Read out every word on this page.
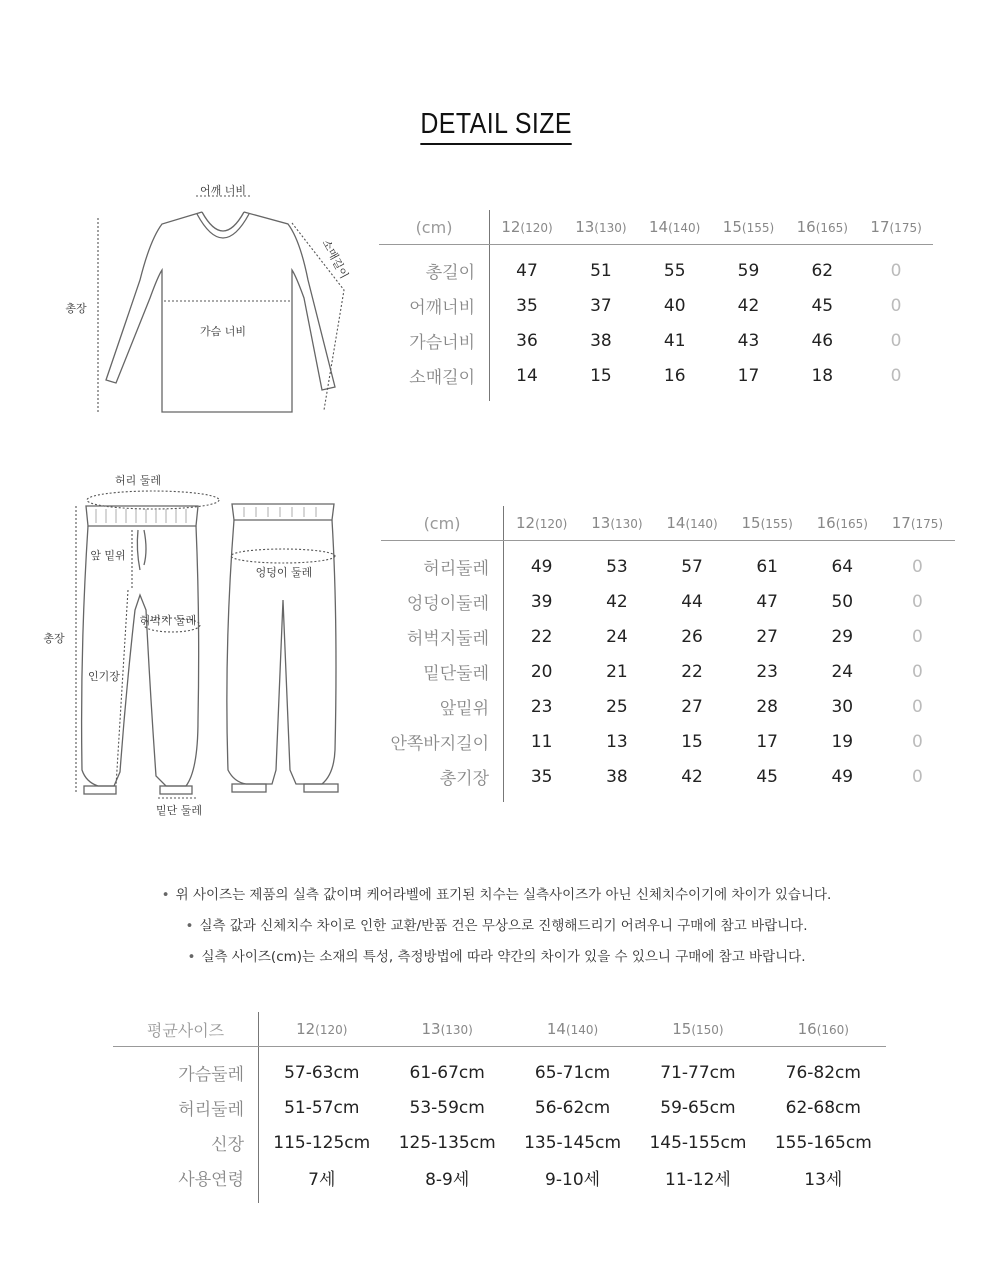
DETAIL SIZE
어깨 너비
총장
가슴 너비
소매길이
(cm)	12(120)	13(130)	14(140)	15(155)	16(165)	17(175)
총길이	47	51	55	59	62	0
어깨너비	35	37	40	42	45	0
가슴너비	36	38	41	43	46	0
소매길이	14	15	16	17	18	0
허리 둘레
앞 밑위
총장
허벅지 둘레
인기장
밑단 둘레
엉덩이 둘레
(cm)	12(120)	13(130)	14(140)	15(155)	16(165)	17(175)
허리둘레	49	53	57	61	64	0
엉덩이둘레	39	42	44	47	50	0
허벅지둘레	22	24	26	27	29	0
밑단둘레	20	21	22	23	24	0
앞밑위	23	25	27	28	30	0
안쪽바지길이	11	13	15	17	19	0
총기장	35	38	42	45	49	0
• 위 사이즈는 제품의 실측 값이며 케어라벨에 표기된 치수는 실측사이즈가 아닌 신체치수이기에 차이가 있습니다.
• 실측 값과 신체치수 차이로 인한 교환/반품 건은 무상으로 진행해드리기 어려우니 구매에 참고 바랍니다.
• 실측 사이즈(cm)는 소재의 특성, 측정방법에 따라 약간의 차이가 있을 수 있으니 구매에 참고 바랍니다.
평균사이즈	12(120)	13(130)	14(140)	15(150)	16(160)
가슴둘레	57-63cm	61-67cm	65-71cm	71-77cm	76-82cm
허리둘레	51-57cm	53-59cm	56-62cm	59-65cm	62-68cm
신장	115-125cm	125-135cm	135-145cm	145-155cm	155-165cm
사용연령	7세	8-9세	9-10세	11-12세	13세
